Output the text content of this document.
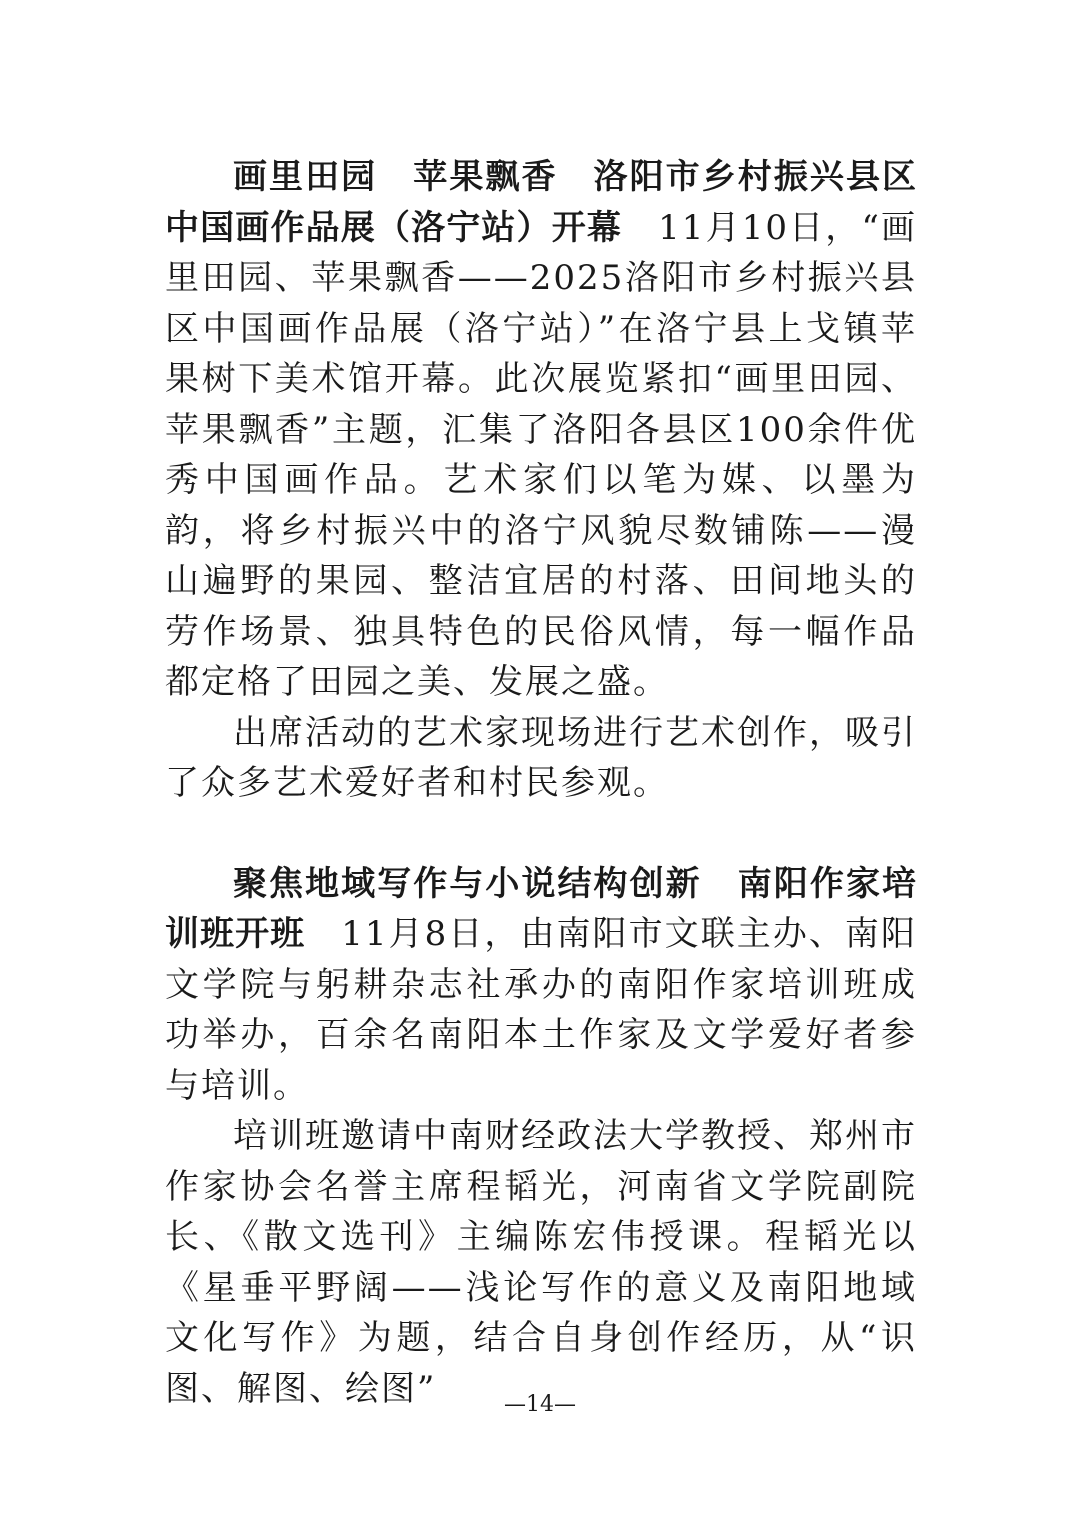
画里田园　苹果飘香　洛阳市乡村振兴县区中国画作品展（洛宁站）开幕　11月10日，“画里田园、苹果飘香——2025洛阳市乡村振兴县区中国画作品展（洛宁站）”在洛宁县上戈镇苹果树下美术馆开幕。此次展览紧扣“画里田园、苹果飘香”主题，汇集了洛阳各县区100余件优秀中国画作品。艺术家们以笔为媒、以墨为韵，将乡村振兴中的洛宁风貌尽数铺陈——漫山遍野的果园、整洁宜居的村落、田间地头的劳作场景、独具特色的民俗风情，每一幅作品都定格了田园之美、发展之盛。

出席活动的艺术家现场进行艺术创作，吸引了众多艺术爱好者和村民参观。

聚焦地域写作与小说结构创新　南阳作家培训班开班　11月8日，由南阳市文联主办、南阳文学院与躬耕杂志社承办的南阳作家培训班成功举办，百余名南阳本土作家及文学爱好者参与培训。

培训班邀请中南财经政法大学教授、郑州市作家协会名誉主席程韬光，河南省文学院副院长、《散文选刊》主编陈宏伟授课。程韬光以《星垂平野阔——浅论写作的意义及南阳地域文化写作》为题，结合自身创作经历，从“识图、解图、绘图”	—14—
